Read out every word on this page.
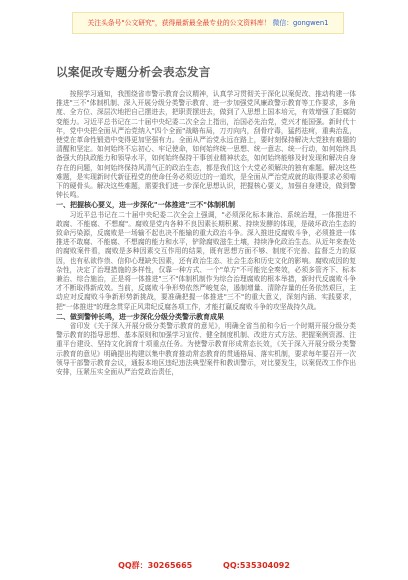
关注头条号"公文研究"，获得最新最全最专业的公文资料库！ 微信：gongwen1
以案促改专题分析会表态发言

按照学习通知，我围绕省市警示教育会议精神，认真学习贯彻关于深化以案促改、推动构建一体推进"三不"体制机制、深入开展分级分类警示教育、进一步加强党风廉政警示教育等工作要求，多角度、全方位、深层次地把自己摆进去，把职责摆进去，做到了入思想上国本培元，有效增强了拒腐防变能力。习近平总书记在二十届中央纪委二次全会上指出，治国必先治党，党兴才能国强。新时代十年，党中央把全面从严治党纳入"四个全面"战略布局，刀刃向内，刮骨疗毒，猛药祛疴，重典治乱，使党在革命性锻造中变得更加坚强有力。全面从严治党永远在路上，要时刻保持解决大党独有难题的清醒和坚定。如何始终不忘初心、牢记使命，如何始终统一思想、统一意志、统一行动，如何始终具备强大的执政能力和领导水平，如何始终保持干事创业精神状态，如何始终能够及时发现和解决自身存在的问题，如何始终保持风清气正的政治生态，都是我们这个大党必须解决的独有难题。解决这些难题，是实现新时代新征程党的使命任务必须迈过的一道坎，是全面从严治党成就的取得要求必须啃下的硬骨头。解决这些难题，需要我们进一步深化思想认识，把握核心要义，加强自身建设，做到警钟长鸣。

一、把握核心要义，进一步深化"一体推进"三不"体制机制

习近平总书记在二十届中央纪委二次全会上强调，"必须深化标本兼治、系统治理，一体推进不敢腐、不能腐、不想腐"。腐败是党内各种不良因素长期积累、持续发酵的体现，是破坏政治生态的致命污染源，反腐败是一场输不起也决不能输的重大政治斗争。深入推进反腐败斗争，必须推进一体推进不敢腐、不能腐、不想腐的能力和水平，铲除腐败滋生土壤，持续净化政治生态。从近年来查处的腐败案件看，腐败是多种因素交互作用的结果，既有思想方面不够、制度不完善、监督乏力的原因，也有私欲作祟、信仰心理缺失因素，还有政治生态、社会生态和历史文化的影响。腐败成因的复杂性，决定了治理措施的多样性，仅靠一种方式、一个"单方"不可能完全奏效，必须多管齐下、标本兼治、综合施治，正是将一体推进"三不"体制机制作为综合治理腐败的根本举措，新时代反腐败斗争才不断取得新成效。当前，反腐败斗争形势依然严峻复杂，遏制增量、清除存量的任务依然艰巨，主动应对反腐败斗争新形势新挑战，要准确把握一体推进"三不"的重大意义，深刻内涵、实践要求，把"一体推进"的理念贯穿正风肃纪反腐各项工作，才能打赢反腐败斗争的攻坚战持久战。

二、做到警钟长鸣，进一步深化分级分类警示教育成果

省印发《关于深入开展分级分类警示教育的意见》，明确全省当前和今后一个时期开展分级分类警示教育的指导思想、基本原则和加强学习宣传、健全制度机制、改进方式方法、把握案例资源、注重平台建设、坚持文化润育十项重点任务。为使警示教育形成常态长效，《关于深入开展分级分类警示教育的意见》明确提出构建以集中教育推动常态教育的贯通格局、落实机制，要求每年要召开一次领导干部警示教育会议，通报本地区违纪违法典型案件和教训警示，对比要发生，以案促改工作作出安排，压紧压实全面从严治党政治责任，

QQ群：30265665	QQ:535304092
